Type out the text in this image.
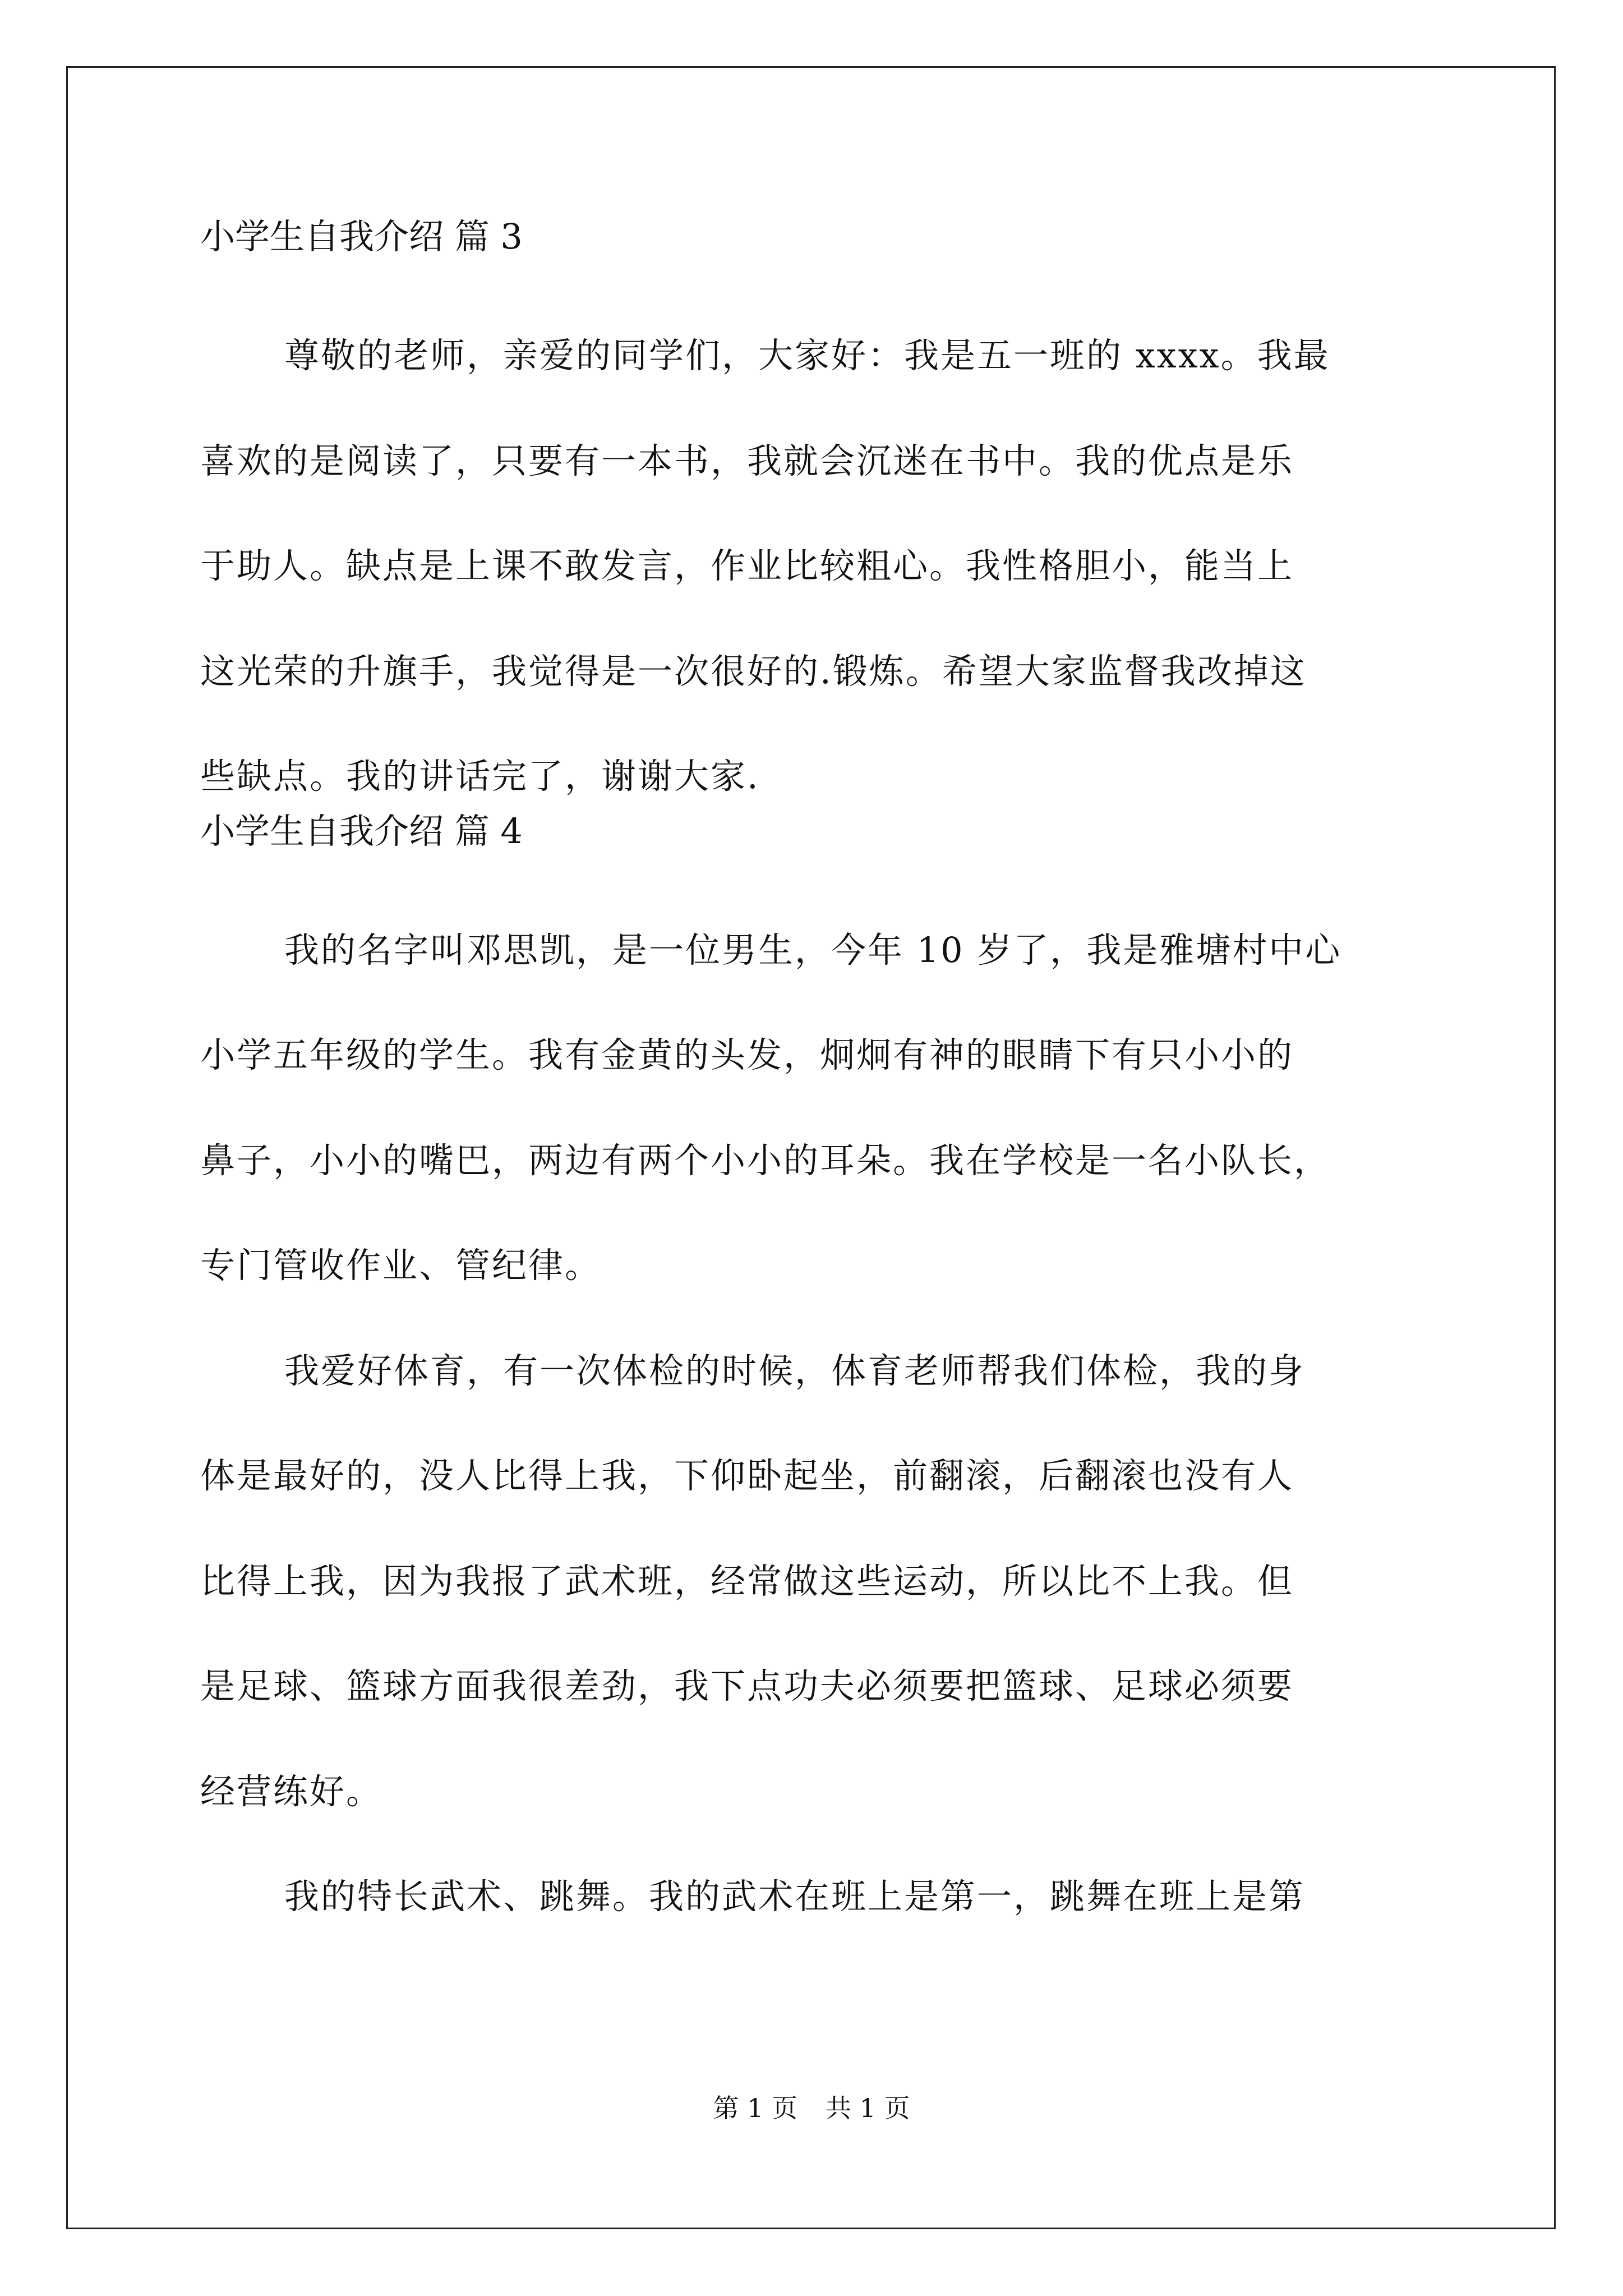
小学生自我介绍 篇 3
尊敬的老师，亲爱的同学们，大家好：我是五一班的 xxxx。我最
喜欢的是阅读了，只要有一本书，我就会沉迷在书中。我的优点是乐
于助人。缺点是上课不敢发言，作业比较粗心。我性格胆小，能当上
这光荣的升旗手，我觉得是一次很好的.锻炼。希望大家监督我改掉这
些缺点。我的讲话完了，谢谢大家.
小学生自我介绍 篇 4
我的名字叫邓思凯，是一位男生，今年 10 岁了，我是雅塘村中心
小学五年级的学生。我有金黄的头发，炯炯有神的眼睛下有只小小的
鼻子，小小的嘴巴，两边有两个小小的耳朵。我在学校是一名小队长，
专门管收作业、管纪律。
我爱好体育，有一次体检的时候，体育老师帮我们体检，我的身
体是最好的，没人比得上我，下仰卧起坐，前翻滚，后翻滚也没有人
比得上我，因为我报了武术班，经常做这些运动，所以比不上我。但
是足球、篮球方面我很差劲，我下点功夫必须要把篮球、足球必须要
经营练好。
我的特长武术、跳舞。我的武术在班上是第一，跳舞在班上是第
第 1 页 共 1 页
